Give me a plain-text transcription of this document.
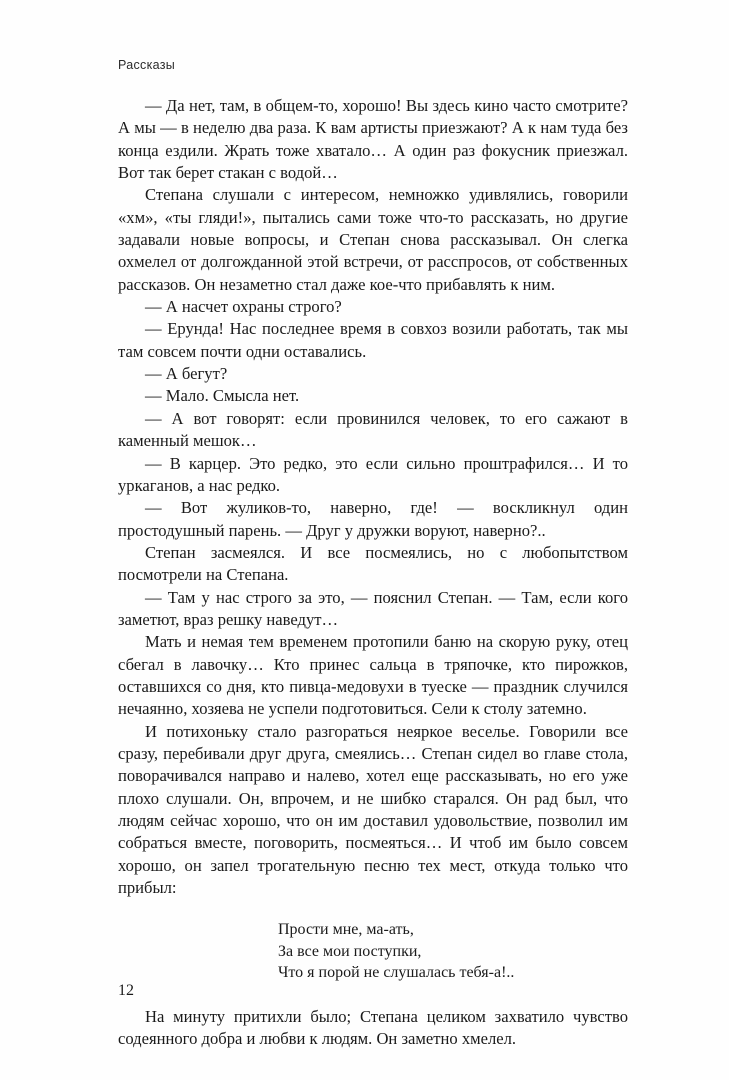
Рассказы

— Да нет, там, в общем-то, хорошо! Вы здесь кино часто смотрите? А мы — в неделю два раза. К вам артисты приезжают? А к нам туда без конца ездили. Жрать тоже хватало… А один раз фокусник приезжал. Вот так берет стакан с водой…

Степана слушали с интересом, немножко удивлялись, говорили «хм», «ты гляди!», пытались сами тоже что-то рассказать, но другие задавали новые вопросы, и Степан снова рассказывал. Он слегка охмелел от долгожданной этой встречи, от расспросов, от собственных рассказов. Он незаметно стал даже кое-что прибавлять к ним.

— А насчет охраны строго?

— Ерунда! Нас последнее время в совхоз возили работать, так мы там совсем почти одни оставались.

— А бегут?

— Мало. Смысла нет.

— А вот говорят: если провинился человек, то его сажают в каменный мешок…

— В карцер. Это редко, это если сильно проштрафился… И то уркаганов, а нас редко.

— Вот жуликов-то, наверно, где! — воскликнул один простодушный парень. — Друг у дружки воруют, наверно?..

Степан засмеялся. И все посмеялись, но с любопытством посмотрели на Степана.

— Там у нас строго за это, — пояснил Степан. — Там, если кого заметют, враз решку наведут…

Мать и немая тем временем протопили баню на скорую руку, отец сбегал в лавочку… Кто принес сальца в тряпочке, кто пирожков, оставшихся со дня, кто пивца-медовухи в туеске — праздник случился нечаянно, хозяева не успели подготовиться. Сели к столу затемно.

И потихоньку стало разгораться неяркое веселье. Говорили все сразу, перебивали друг друга, смеялись… Степан сидел во главе стола, поворачивался направо и налево, хотел еще рассказывать, но его уже плохо слушали. Он, впрочем, и не шибко старался. Он рад был, что людям сейчас хорошо, что он им доставил удовольствие, позволил им собраться вместе, поговорить, посмеяться… И чтоб им было совсем хорошо, он запел трогательную песню тех мест, откуда только что прибыл:

Прости мне, ма-ать,
За все мои поступки,
Что я порой не слушалась тебя-а!..

На минуту притихли было; Степана целиком захватило чувство содеянного добра и любви к людям. Он заметно хмелел.

12
